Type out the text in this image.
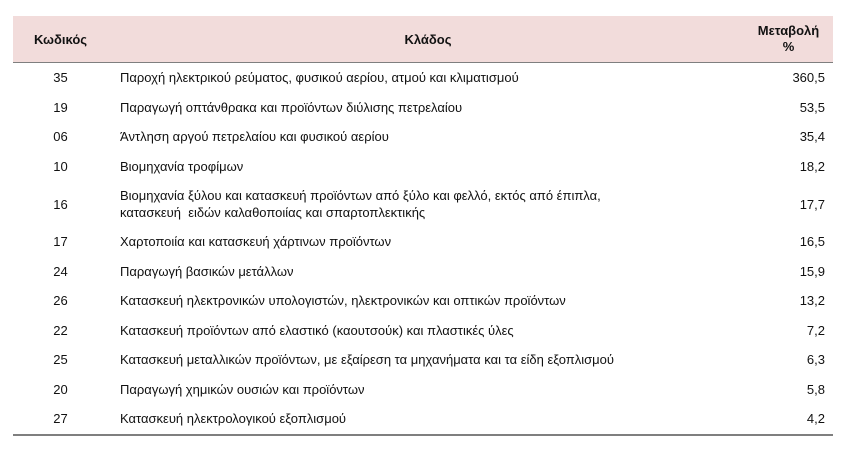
Κωδικός	Κλάδος	Μεταβολή
%

35	Παροχή ηλεκτρικού ρεύματος, φυσικού αερίου, ατμού και κλιματισμού	360,5
19	Παραγωγή οπτάνθρακα και προϊόντων διύλισης πετρελαίου	53,5
06	Άντληση αργού πετρελαίου και φυσικού αερίου	35,4
10	Βιομηχανία τροφίμων	18,2
16	Βιομηχανία ξύλου και κατασκευή προϊόντων από ξύλο και φελλό, εκτός από έπιπλα,
κατασκευή  ειδών καλαθοποιίας και σπαρτοπλεκτικής	17,7
17	Χαρτοποιία και κατασκευή χάρτινων προϊόντων	16,5
24	Παραγωγή βασικών μετάλλων	15,9
26	Κατασκευή ηλεκτρονικών υπολογιστών, ηλεκτρονικών και οπτικών προϊόντων	13,2
22	Κατασκευή προϊόντων από ελαστικό (καουτσούκ) και πλαστικές ύλες	7,2
25	Κατασκευή μεταλλικών προϊόντων, με εξαίρεση τα μηχανήματα και τα είδη εξοπλισμού	6,3
20	Παραγωγή χημικών ουσιών και προϊόντων	5,8
27	Κατασκευή ηλεκτρολογικού εξοπλισμού	4,2
